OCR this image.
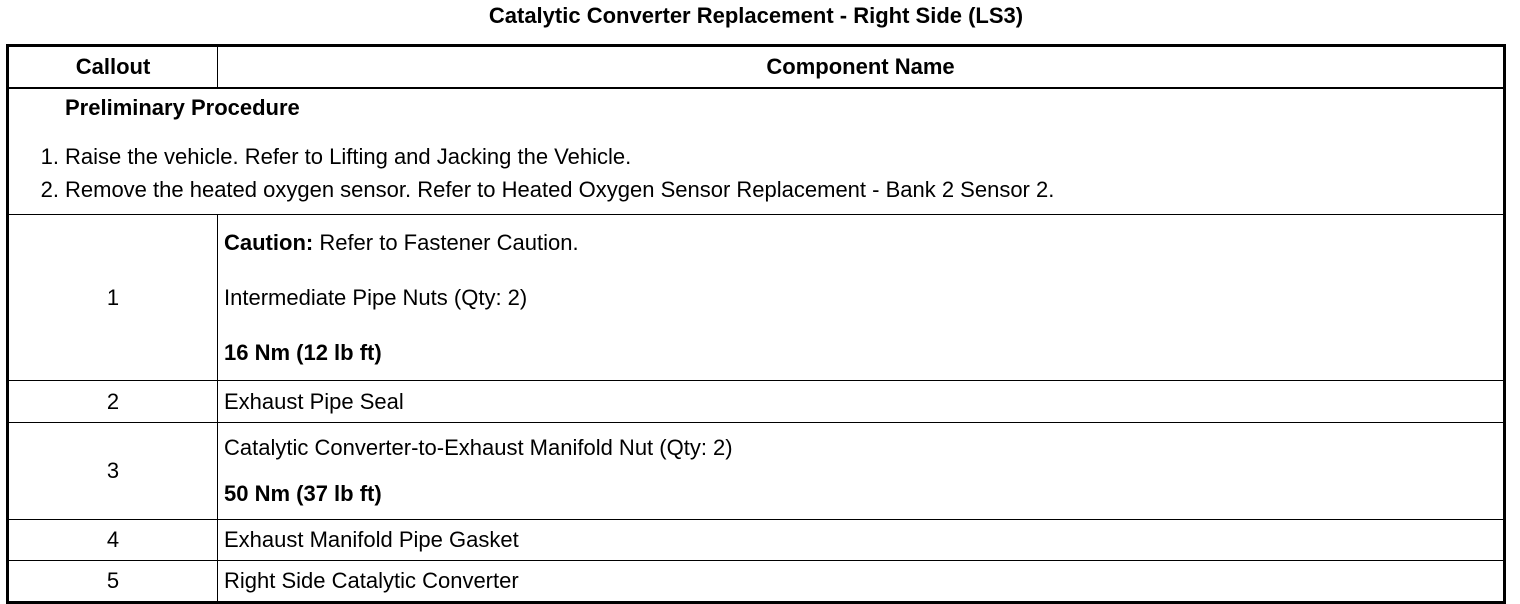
Catalytic Converter Replacement - Right Side (LS3)
Callout	Component Name

Preliminary Procedure
1. Raise the vehicle. Refer to Lifting and Jacking the Vehicle.
2. Remove the heated oxygen sensor. Refer to Heated Oxygen Sensor Replacement - Bank 2 Sensor 2.	

1	Caution: Refer to Fastener Caution.
Intermediate Pipe Nuts (Qty: 2)
16 Nm (12 lb ft)

2	Exhaust Pipe Seal
3	Catalytic Converter-to-Exhaust Manifold Nut (Qty: 2)
50 Nm (37 lb ft)

4	Exhaust Manifold Pipe Gasket
5	Right Side Catalytic Converter
